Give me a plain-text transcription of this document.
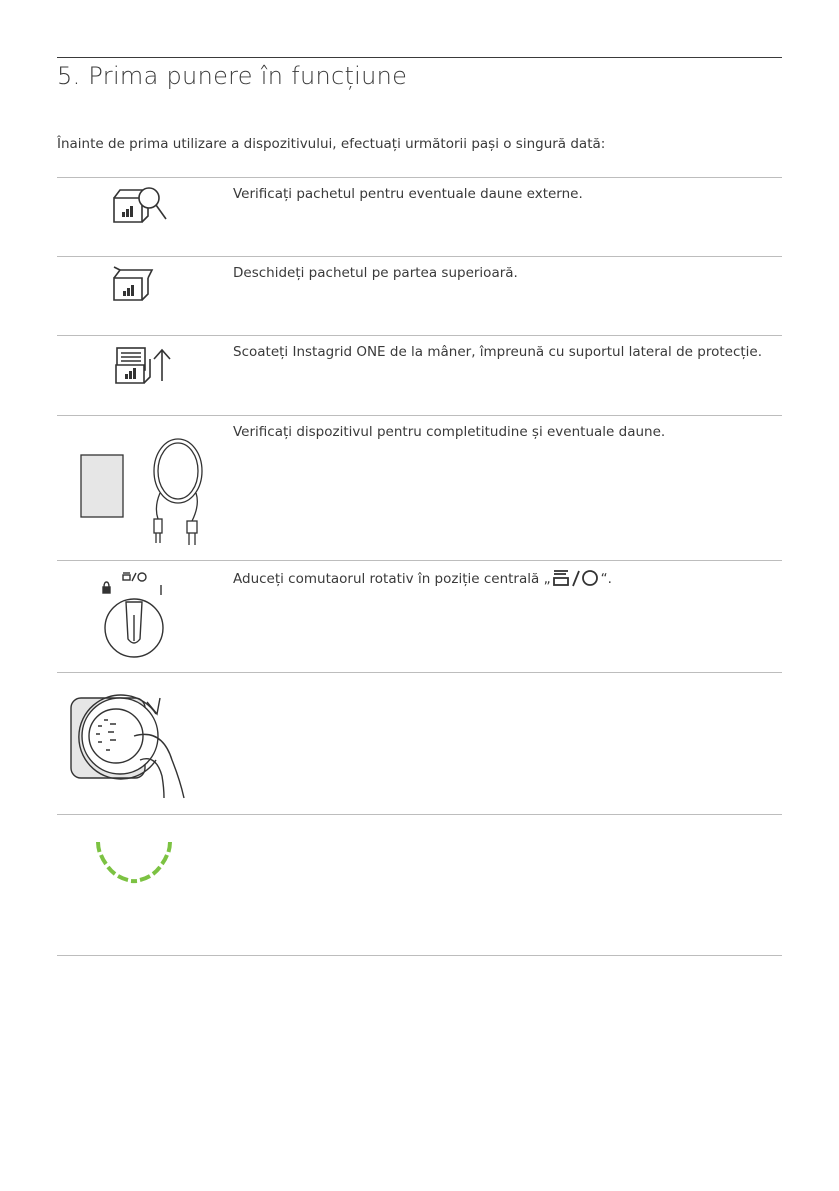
5. Prima punere în funcțiune
Înainte de prima utilizare a dispozitivului, efectuați următorii pași o singură dată:
Verificați pachetul pentru eventuale daune externe.
Deschideți pachetul pe partea superioară.
Scoateți Instagrid ONE de la mâner, împreună cu suportul lateral de protecție.
Verificați dispozitivul pentru completitudine și eventuale daune.
Aduceți comutaorul rotativ în poziție centrală „	“.
